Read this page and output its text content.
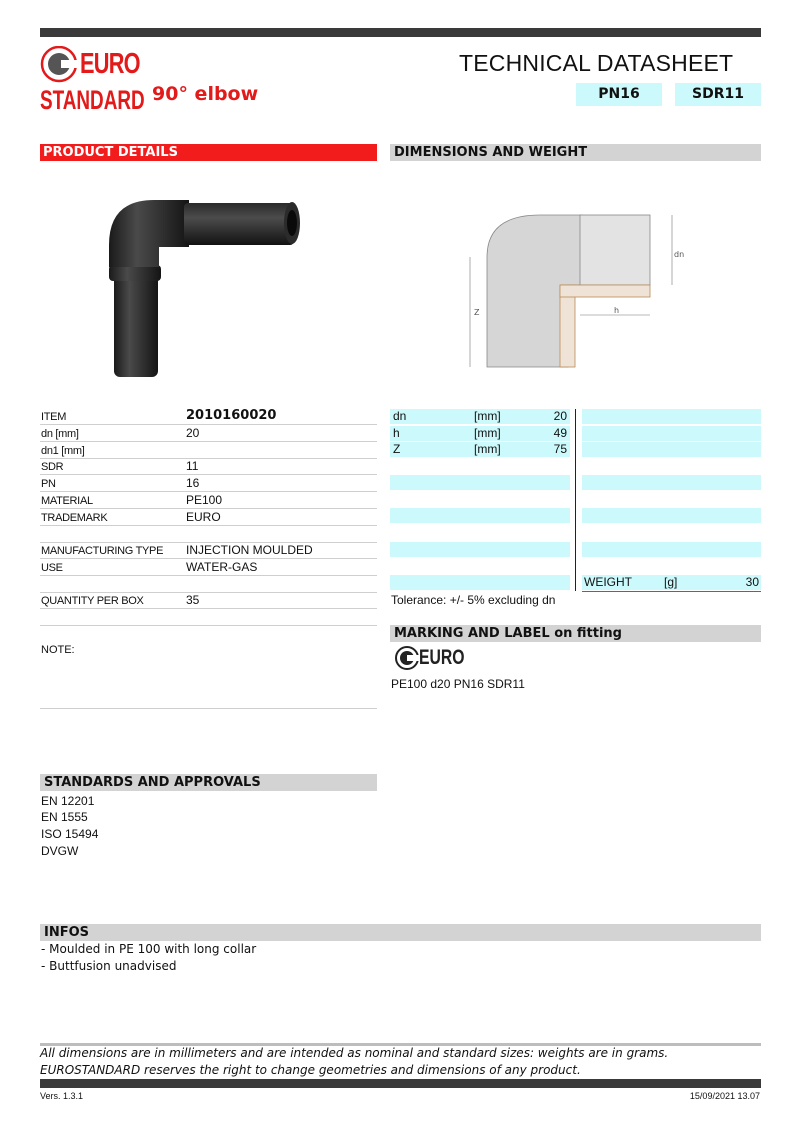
EURO
STANDARD 90° elbow
TECHNICAL DATASHEET
PN16	SDR11
PRODUCT DETAILS	DIMENSIONS AND WEIGHT
Z
dn
h
ITEM	2010160020
dn [mm]	20
dn1 [mm]
SDR	11
PN	16
MATERIAL	PE100
TRADEMARK	EURO
MANUFACTURING TYPE INJECTION MOULDED
USE	WATER-GAS
QUANTITY PER BOX	35
NOTE:
dn	[mm]	20
h	[mm]	49
Z	[mm]	75
WEIGHT	[g]	30
Tolerance: +/- 5% excluding dn
MARKING AND LABEL on fitting
EURO
PE100 d20 PN16 SDR11
STANDARDS AND APPROVALS
EN 12201
EN 1555
ISO 15494
DVGW
INFOS
- Moulded in PE 100 with long collar
- Buttfusion unadvised
All dimensions are in millimeters and are intended as nominal and standard sizes: weights are in grams.
EUROSTANDARD reserves the right to change geometries and dimensions of any product.
Vers. 1.3.1	15/09/2021 13.07
